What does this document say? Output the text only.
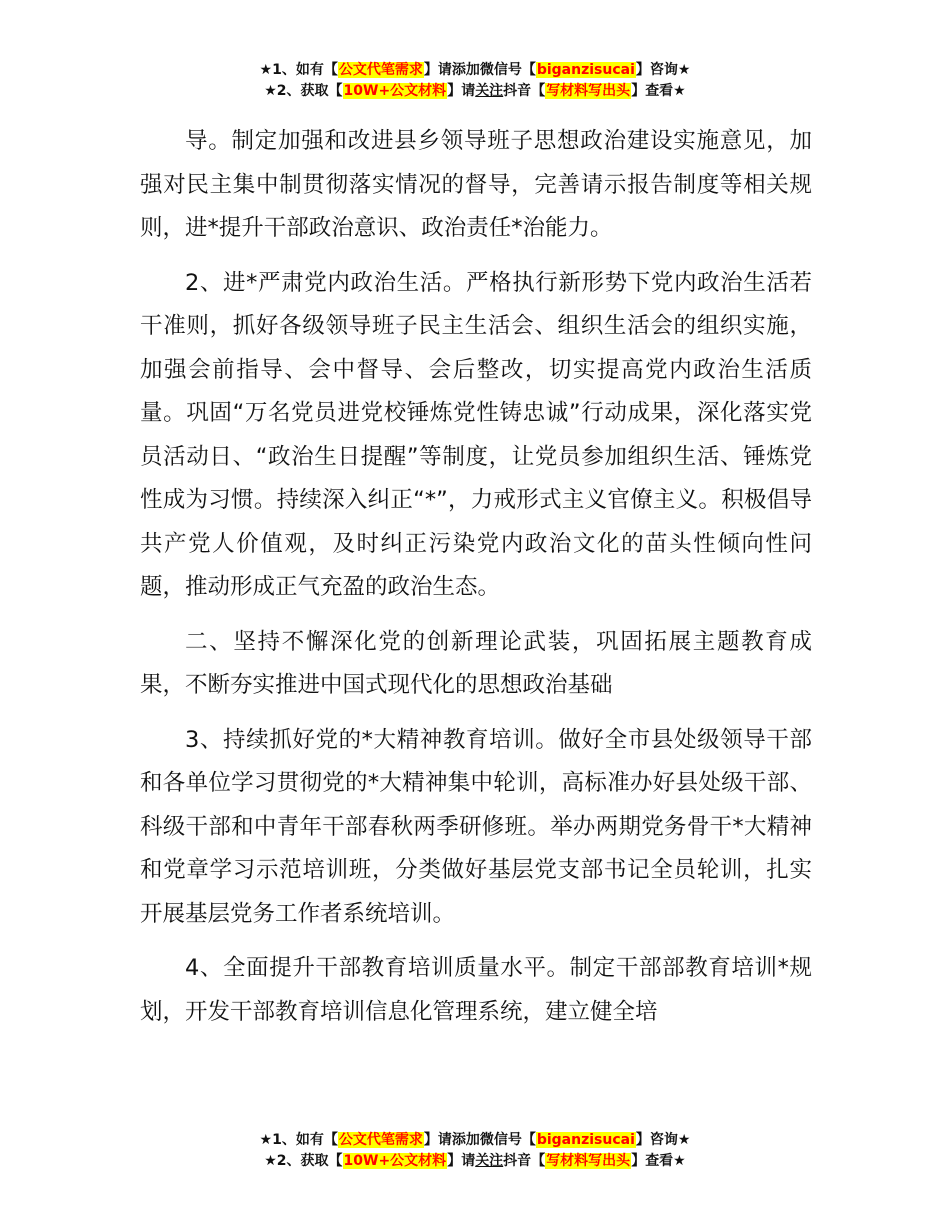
★1、如有【公文代笔需求】请添加微信号【biganzisucai】咨询★
★2、获取【10W+公文材料】请关注抖音【写材料写出头】查看★

导。制定加强和改进县乡领导班子思想政治建设实施意见，加强对民主集中制贯彻落实情况的督导，完善请示报告制度等相关规则，进*提升干部政治意识、政治责任*治能力。

2、进*严肃党内政治生活。严格执行新形势下党内政治生活若干准则，抓好各级领导班子民主生活会、组织生活会的组织实施，加强会前指导、会中督导、会后整改，切实提高党内政治生活质量。巩固“万名党员进党校锤炼党性铸忠诚”行动成果，深化落实党员活动日、“政治生日提醒”等制度，让党员参加组织生活、锤炼党性成为习惯。持续深入纠正“*”，力戒形式主义官僚主义。积极倡导共产党人价值观，及时纠正污染党内政治文化的苗头性倾向性问题，推动形成正气充盈的政治生态。

二、坚持不懈深化党的创新理论武装，巩固拓展主题教育成果，不断夯实推进中国式现代化的思想政治基础

3、持续抓好党的*大精神教育培训。做好全市县处级领导干部和各单位学习贯彻党的*大精神集中轮训，高标准办好县处级干部、科级干部和中青年干部春秋两季研修班。举办两期党务骨干*大精神和党章学习示范培训班，分类做好基层党支部书记全员轮训，扎实开展基层党务工作者系统培训。

4、全面提升干部教育培训质量水平。制定干部部教育培训*规划，开发干部教育培训信息化管理系统，建立健全培

★1、如有【公文代笔需求】请添加微信号【biganzisucai】咨询★
★2、获取【10W+公文材料】请关注抖音【写材料写出头】查看★
